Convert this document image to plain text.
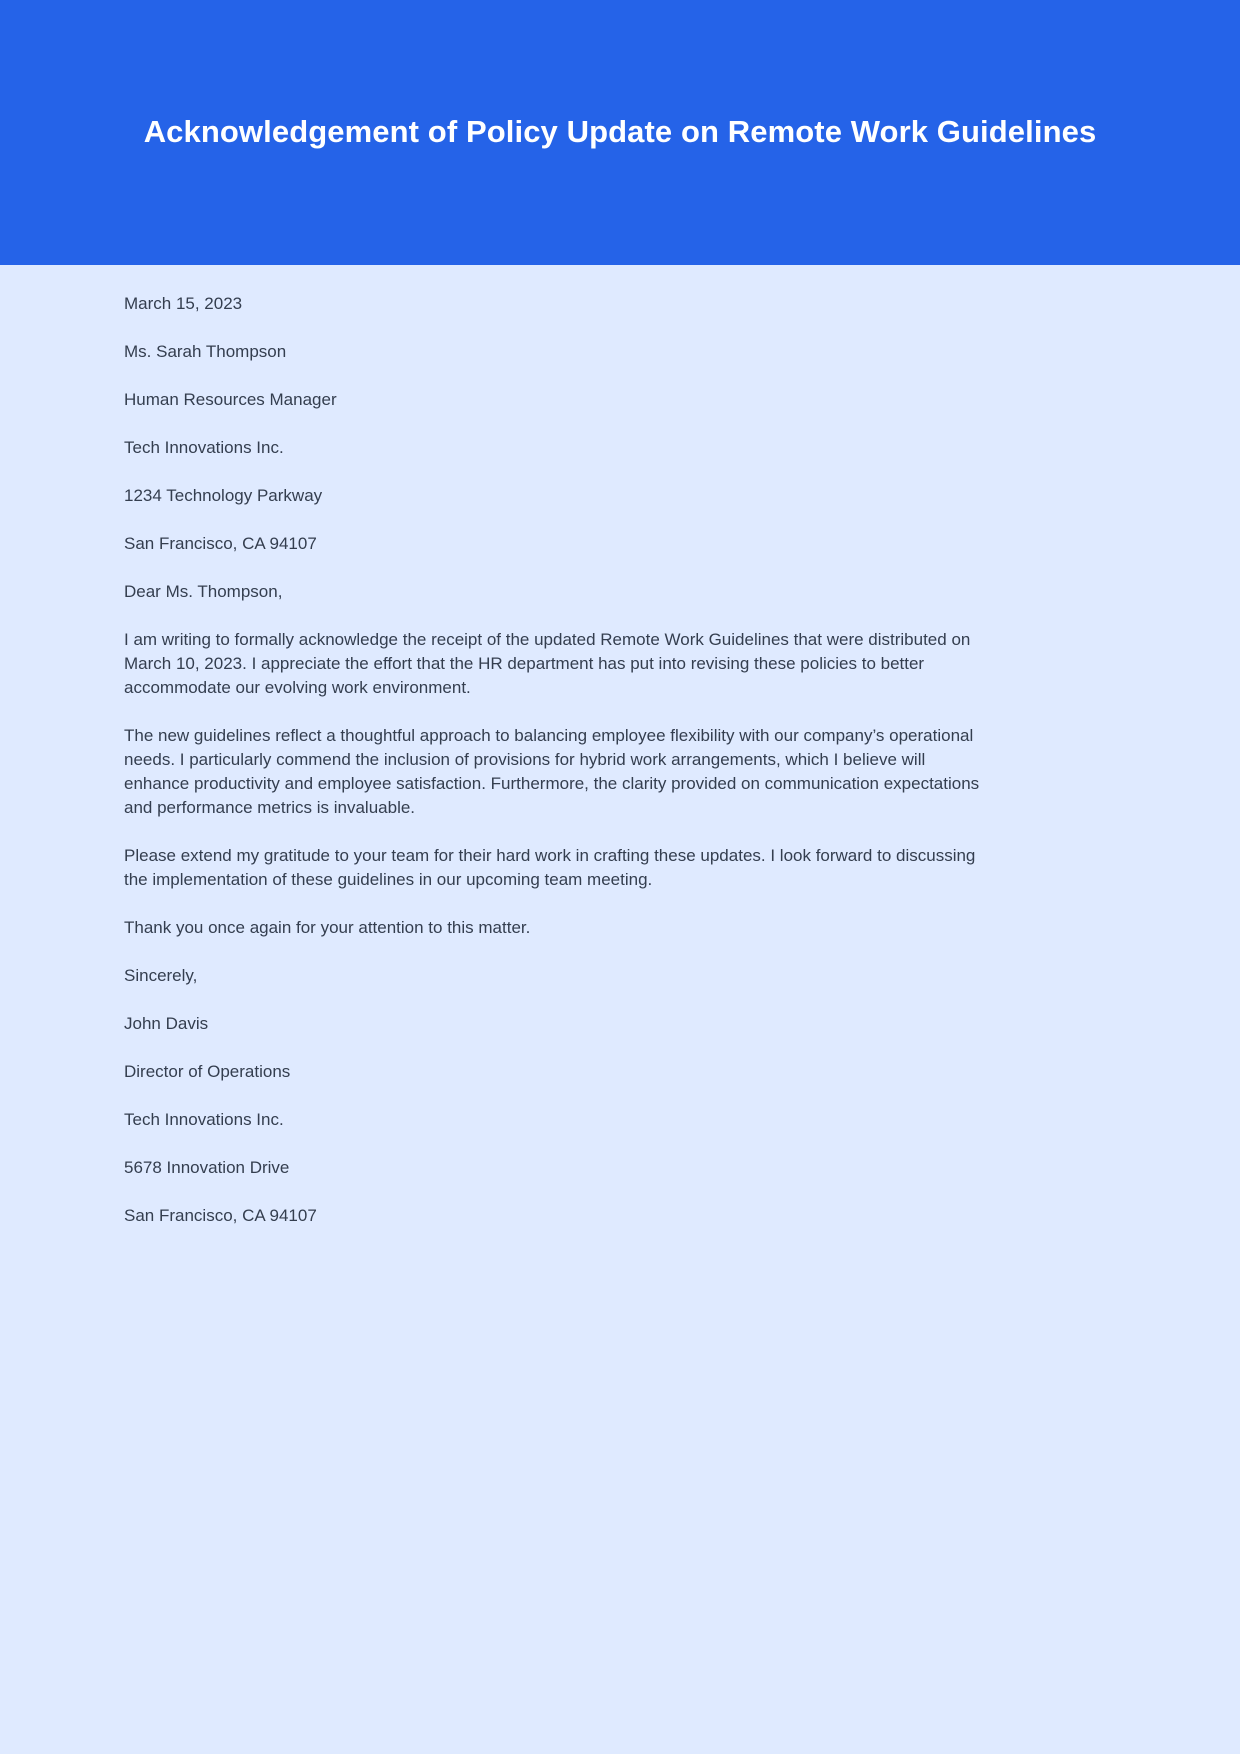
Acknowledgement of Policy Update on Remote Work Guidelines

March 15, 2023

Ms. Sarah Thompson

Human Resources Manager

Tech Innovations Inc.

1234 Technology Parkway

San Francisco, CA 94107

Dear Ms. Thompson,

I am writing to formally acknowledge the receipt of the updated Remote Work Guidelines that were distributed on March 10, 2023. I appreciate the effort that the HR department has put into revising these policies to better accommodate our evolving work environment.

The new guidelines reflect a thoughtful approach to balancing employee flexibility with our company’s operational needs. I particularly commend the inclusion of provisions for hybrid work arrangements, which I believe will enhance productivity and employee satisfaction. Furthermore, the clarity provided on communication expectations and performance metrics is invaluable.

Please extend my gratitude to your team for their hard work in crafting these updates. I look forward to discussing the implementation of these guidelines in our upcoming team meeting.

Thank you once again for your attention to this matter.

Sincerely,

John Davis

Director of Operations

Tech Innovations Inc.

5678 Innovation Drive

San Francisco, CA 94107
